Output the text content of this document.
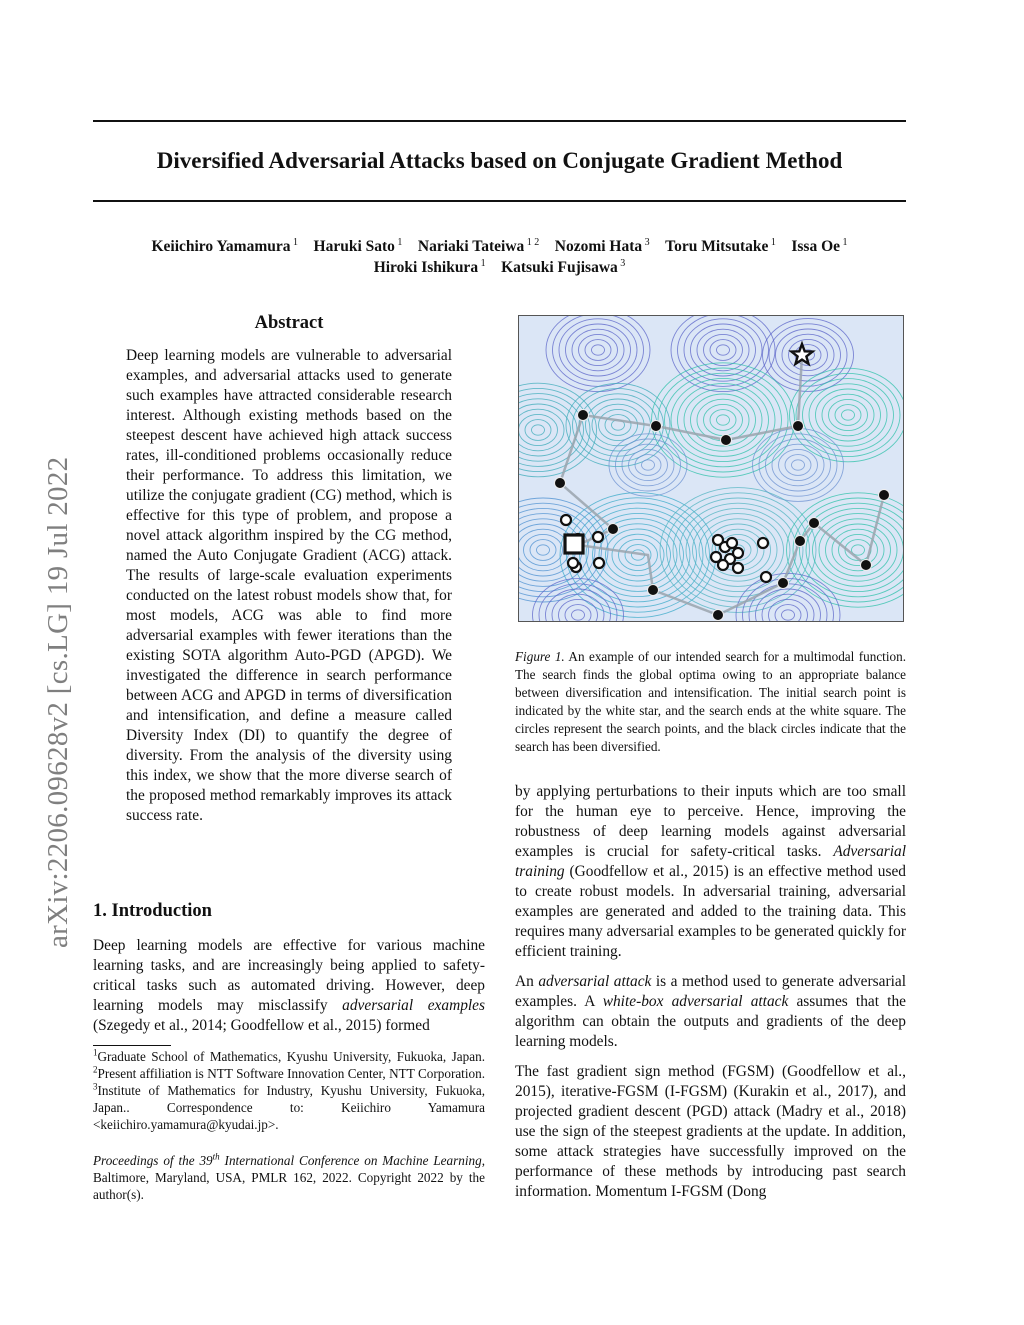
arXiv:2206.09628v2 [cs.LG] 19 Jul 2022
Diversified Adversarial Attacks based on Conjugate Gradient Method
Keiichiro Yamamura $^1$  Haruki Sato $^1$  Nariaki Tateiwa $^{1 2}$  Nozomi Hata $^3$  Toru Mitsutake $^1$  Issa Oe $^1$
Hiroki Ishikura $^1$  Katsuki Fujisawa $^3$
Abstract

Deep learning models are vulnerable to adversarial examples, and adversarial attacks used to generate such examples have attracted considerable research interest. Although existing methods based on the steepest descent have achieved high attack success rates, ill-conditioned problems occasionally reduce their performance. To address this limitation, we utilize the conjugate gradient (CG) method, which is effective for this type of problem, and propose a novel attack algorithm inspired by the CG method, named the Auto Conjugate Gradient (ACG) attack. The results of large-scale evaluation experiments conducted on the latest robust models show that, for most models, ACG was able to find more adversarial examples with fewer iterations than the existing SOTA algorithm Auto-PGD (APGD). We investigated the difference in search performance between ACG and APGD in terms of diversification and intensification, and define a measure called Diversity Index (DI) to quantify the degree of diversity. From the analysis of the diversity using this index, we show that the more diverse search of the proposed method remarkably improves its attack success rate.

1. Introduction

Deep learning models are effective for various machine learning tasks, and are increasingly being applied to safety-critical tasks such as automated driving. However, deep learning models may misclassify adversarial examples (Szegedy et al., 2014; Goodfellow et al., 2015) formed

$^1$Graduate School of Mathematics, Kyushu University, Fukuoka, Japan. $^2$Present affiliation is NTT Software Innovation Center, NTT Corporation. $^3$Institute of Mathematics for Industry, Kyushu University, Fukuoka, Japan.. Correspondence to: Keiichiro Yamamura <keiichiro.yamamura@kyudai.jp>.

Proceedings of the 39th International Conference on Machine Learning, Baltimore, Maryland, USA, PMLR 162, 2022. Copyright 2022 by the author(s).

Figure 1. An example of our intended search for a multimodal function. The search finds the global optima owing to an appropriate balance between diversification and intensification. The initial search point is indicated by the white star, and the search ends at the white square. The circles represent the search points, and the black circles indicate that the search has been diversified.

by applying perturbations to their inputs which are too small for the human eye to perceive. Hence, improving the robustness of deep learning models against adversarial examples is crucial for safety-critical tasks. Adversarial training (Goodfellow et al., 2015) is an effective method used to create robust models. In adversarial training, adversarial examples are generated and added to the training data. This requires many adversarial examples to be generated quickly for efficient training.

An adversarial attack is a method used to generate adversarial examples. A white-box adversarial attack assumes that the algorithm can obtain the outputs and gradients of the deep learning models.

The fast gradient sign method (FGSM) (Goodfellow et al., 2015), iterative-FGSM (I-FGSM) (Kurakin et al., 2017), and projected gradient descent (PGD) attack (Madry et al., 2018) use the sign of the steepest gradients at the update. In addition, some attack strategies have successfully improved on the performance of these methods by introducing past search information. Momentum I-FGSM (Dong
